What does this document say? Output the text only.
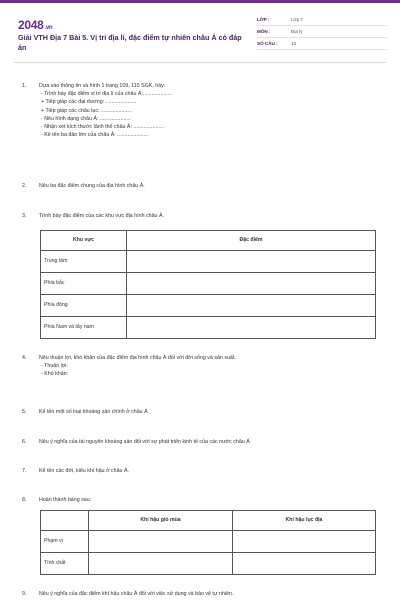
2048.vn
Giải VTH Địa 7 Bài 5. Vị trí địa lí, đặc điểm tự nhiên châu Á có đáp án
LỚP :	Lớp 7
MÔN :	Địa lý
SỐ CÂU :	13
1. Dựa vào thông tin và hình 1 trang 109, 110 SGK, hãy:
- Trình bày đặc điểm vị trí địa lí của châu Á:....................
+ Tiếp giáp các đại dương: .....................
+ Tiếp giáp các châu lục: .....................
- Nêu hình dạng châu Á: .....................
- Nhận xét kích thước lãnh thổ châu Á: .....................
- Kể tên ba đảo lớn của châu Á: .....................
2. Nêu ba đặc điểm chung của địa hình châu Á.
3. Trình bày đặc điểm của các khu vực địa hình châu Á.
Khu vực	Đặc điểm
Trung tâm	
Phía bắc	
Phía đông	
Phía Nam và tây nam	
4. Nêu thuận lợi, khó khăn của đặc điểm địa hình châu Á đối với đời sống và sản xuất.
- Thuận lợi:
- Khó khăn:
5. Kể tên một số loại khoáng sản chính ở châu Á
6. Nêu ý nghĩa của tài nguyên khoáng sản đối với sự phát triển kinh tế của các nước châu Á
7. Kể tên các đới, kiểu khí hậu ở châu Á.
8. Hoàn thành bảng sau:
	Khí hậu gió mùa	Khí hậu lục địa
Phạm vi		
Tính chất		
9. Nêu ý nghĩa của đặc điểm khí hậu châu Á đối với việc sử dụng và bảo vệ tự nhiên.
